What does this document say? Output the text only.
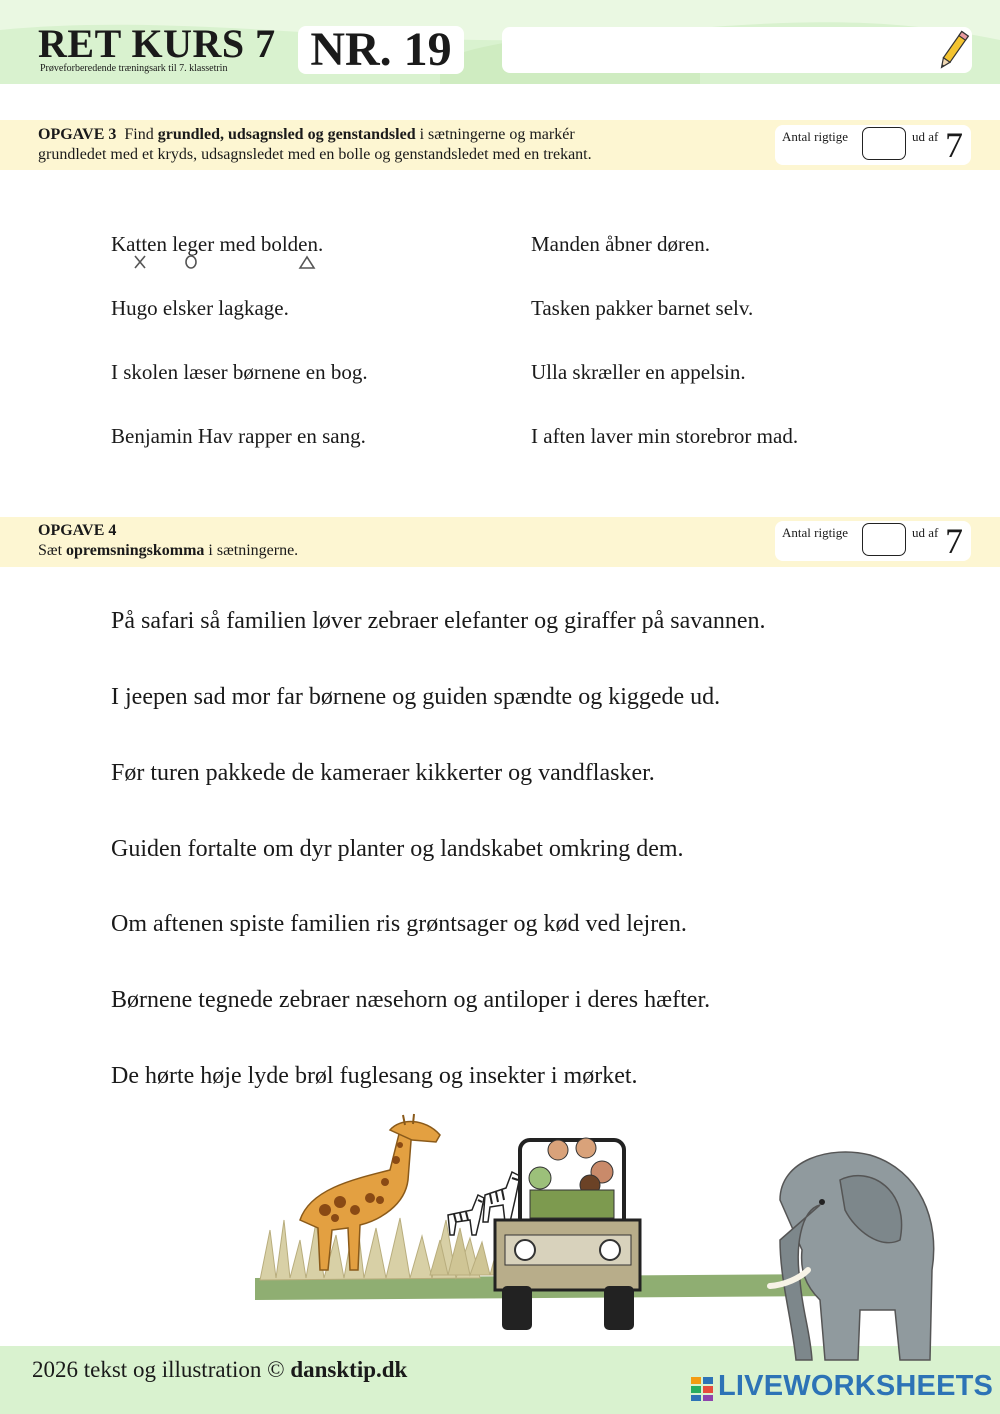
RET KURS 7
Prøveforberedende træningsark til 7. klassetrin NR. 19
OPGAVE 3 Find grundled, udsagnsled og genstandsled i sætningerne og markér
grundledet med et kryds, udsagnsledet med en bolle og genstandsledet med en trekant.
Antal rigtige	ud af 7
Katten leger med bolden.
Hugo elsker lagkage.
I skolen læser børnene en bog.
Benjamin Hav rapper en sang.
Manden åbner døren.
Tasken pakker barnet selv.
Ulla skræller en appelsin.
I aften laver min storebror mad.
OPGAVE 4
Sæt opremsningskomma i sætningerne.
Antal rigtige	ud af 7
På safari så familien løver zebraer elefanter og giraffer på savannen.
I jeepen sad mor far børnene og guiden spændte og kiggede ud.
Før turen pakkede de kameraer kikkerter og vandflasker.
Guiden fortalte om dyr planter og landskabet omkring dem.
Om aftenen spiste familien ris grøntsager og kød ved lejren.
Børnene tegnede zebraer næsehorn og antiloper i deres hæfter.
De hørte høje lyde brøl fuglesang og insekter i mørket.
2026 tekst og illustration © dansktip.dk
LIVEWORKSHEETS
